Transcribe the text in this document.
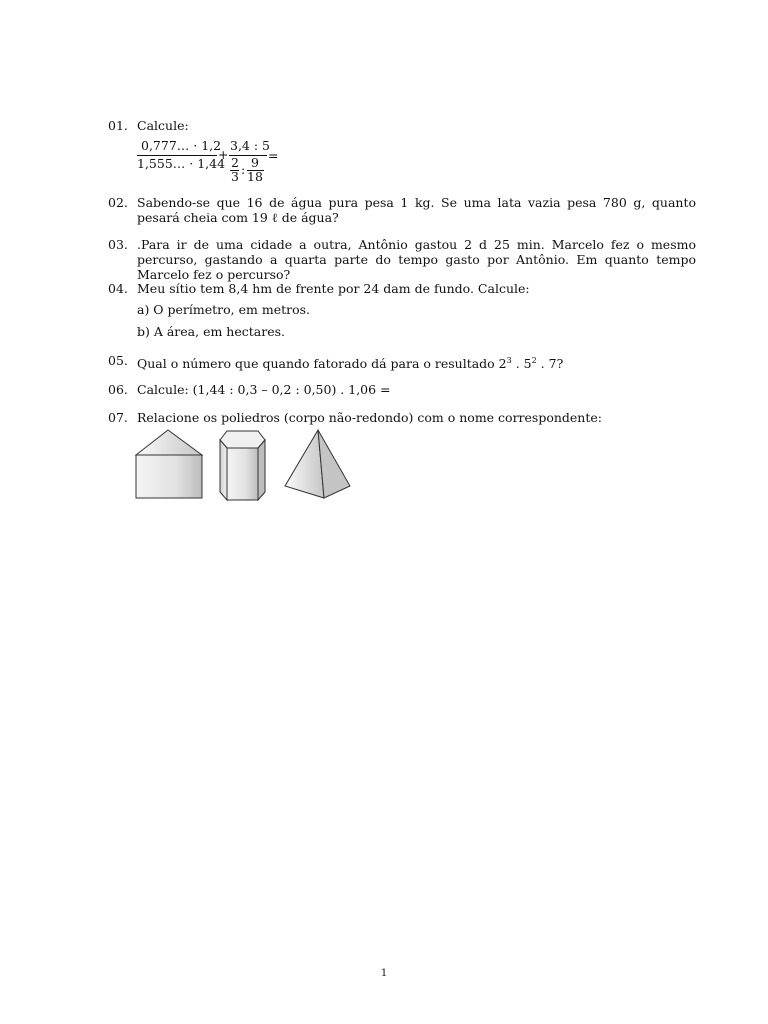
01. Calcule:
0,777… · 1,2
1,555… · 1,44
+
3,4 : 5
2
3 : 9
18
=
02. Sabendo-se que 16 de água pura pesa 1 kg. Se uma lata vazia pesa 780 g, quanto pesará cheia com 19 ℓ de água?
03. .Para ir de uma cidade a outra, Antônio gastou 2 d 25 min. Marcelo fez o mesmo percurso, gastando a quarta parte do tempo gasto por Antônio. Em quanto tempo Marcelo fez o percurso?
04. Meu sítio tem 8,4 hm de frente por 24 dam de fundo. Calcule:
a) O perímetro, em metros.
b) A área, em hectares.
05. Qual o número que quando fatorado dá para o resultado $2^3$ . $5^2$ . 7?
06. Calcule: (1,44 : 0,3 – 0,2 : 0,50) . 1,06 =
07. Relacione os poliedros (corpo não-redondo) com o nome correspondente:
1
